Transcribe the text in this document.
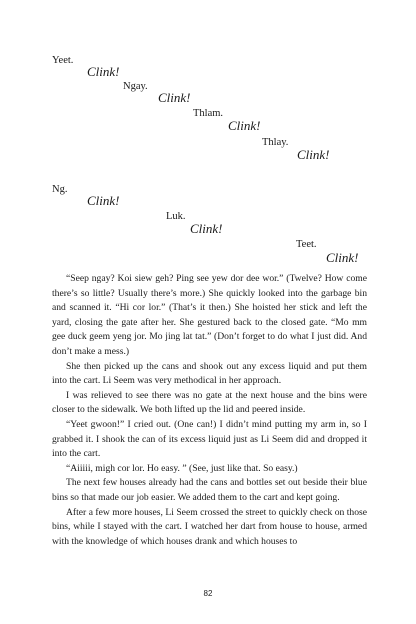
Yeet.
Clink!
Ngay.
Clink!
Thlam.
Clink!
Thlay.
Clink!
Ng.
Clink!
Luk.
Clink!
Teet.
Clink!

“Seep ngay? Koi siew geh? Ping see yew dor dee wor.” (Twelve? How come there’s so little? Usually there’s more.) She quickly looked into the garbage bin and scanned it. “Hi cor lor.” (That’s it then.) She hoisted her stick and left the yard, closing the gate after her. She gestured back to the closed gate. “Mo mm gee duck geem yeng jor. Mo jing lat tat.” (Don’t forget to do what I just did. And don’t make a mess.)

She then picked up the cans and shook out any excess liquid and put them into the cart. Li Seem was very methodical in her approach.

I was relieved to see there was no gate at the next house and the bins were closer to the sidewalk. We both lifted up the lid and peered inside.

“Yeet gwoon!” I cried out. (One can!) I didn’t mind putting my arm in, so I grabbed it. I shook the can of its excess liquid just as Li Seem did and dropped it into the cart.

“Aiiiii, migh cor lor. Ho easy. ” (See, just like that. So easy.)

The next few houses already had the cans and bottles set out beside their blue bins so that made our job easier. We added them to the cart and kept going.

After a few more houses, Li Seem crossed the street to quickly check on those bins, while I stayed with the cart. I watched her dart from house to house, armed with the knowledge of which houses drank and which houses to

82
